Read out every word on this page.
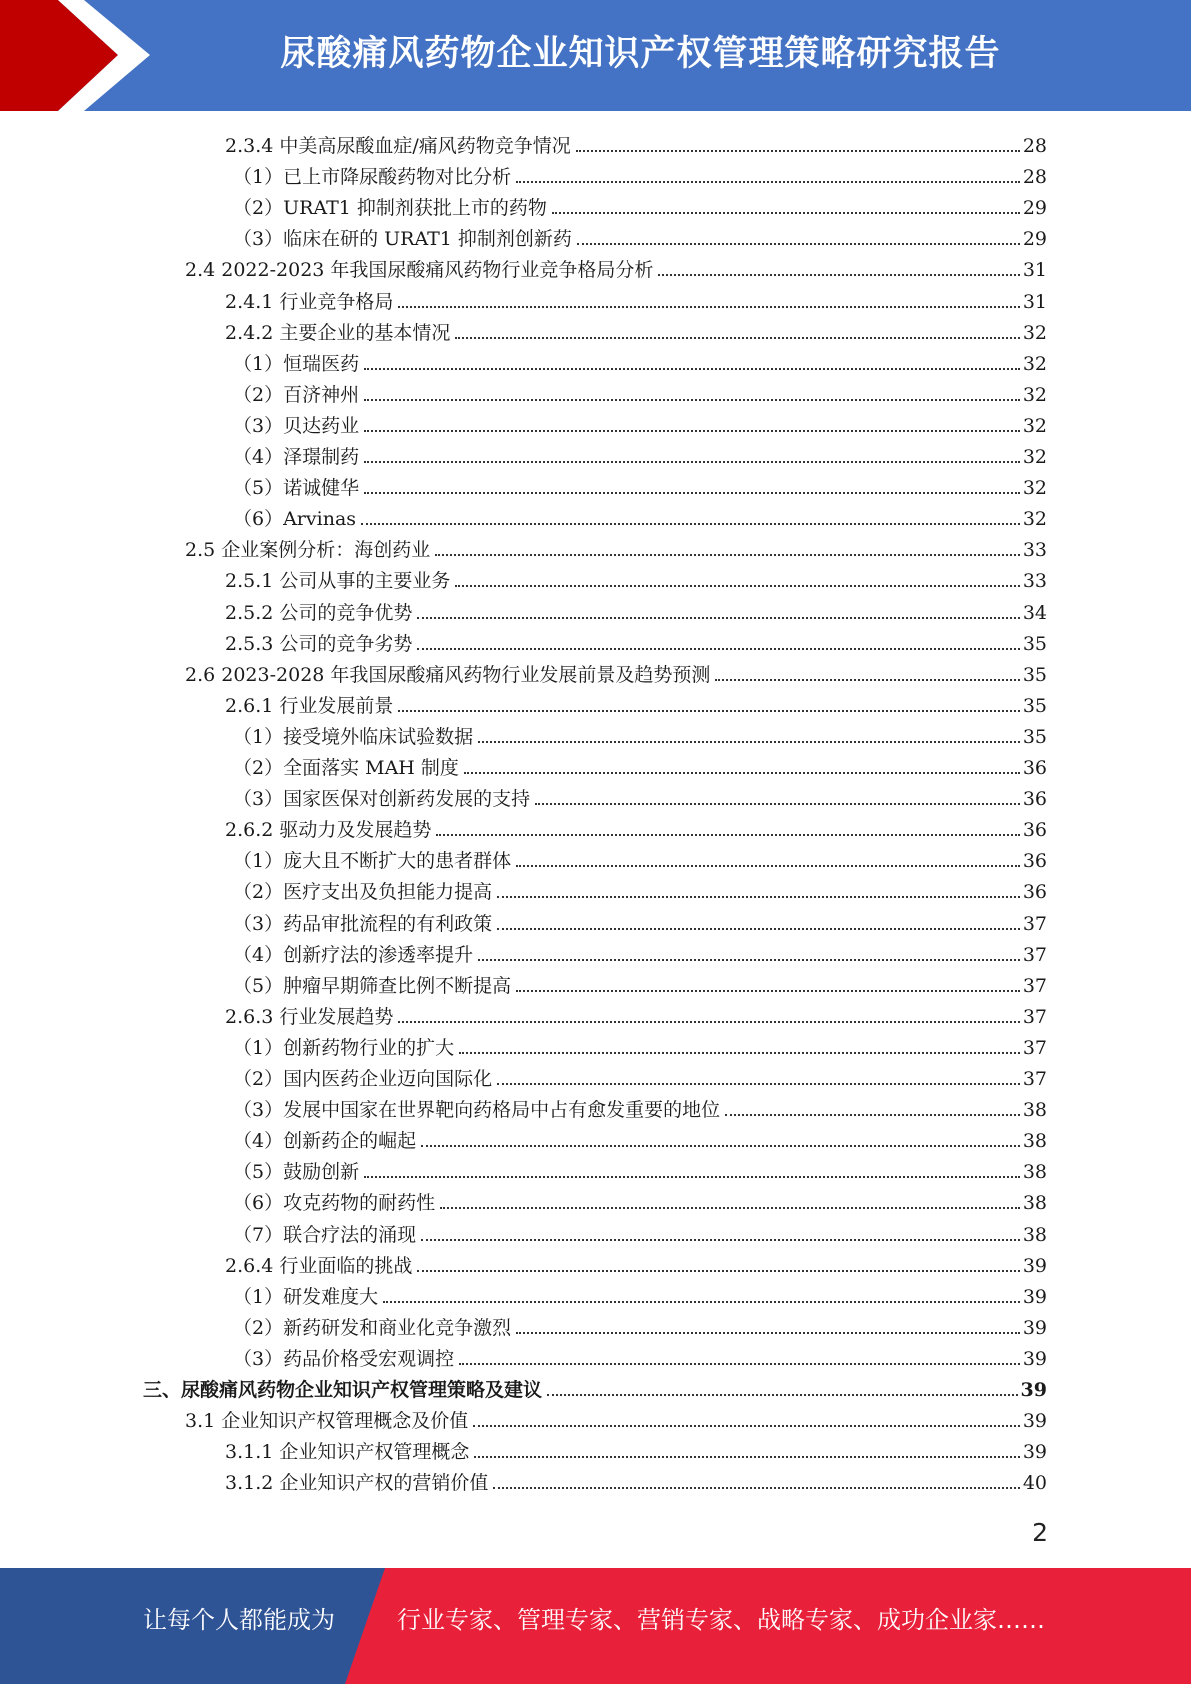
尿酸痛风药物企业知识产权管理策略研究报告
2.3.4 中美高尿酸血症/痛风药物竞争情况	28
（1）已上市降尿酸药物对比分析	28
（2）URAT1 抑制剂获批上市的药物	29
（3）临床在研的 URAT1 抑制剂创新药	29
2.4 2022-2023 年我国尿酸痛风药物行业竞争格局分析	31
2.4.1 行业竞争格局	31
2.4.2 主要企业的基本情况	32
（1）恒瑞医药	32
（2）百济神州	32
（3）贝达药业	32
（4）泽璟制药	32
（5）诺诚健华	32
（6）Arvinas	32
2.5 企业案例分析：海创药业	33
2.5.1 公司从事的主要业务	33
2.5.2 公司的竞争优势	34
2.5.3 公司的竞争劣势	35
2.6 2023-2028 年我国尿酸痛风药物行业发展前景及趋势预测	35
2.6.1 行业发展前景	35
（1）接受境外临床试验数据	35
（2）全面落实 MAH 制度	36
（3）国家医保对创新药发展的支持	36
2.6.2 驱动力及发展趋势	36
（1）庞大且不断扩大的患者群体	36
（2）医疗支出及负担能力提高	36
（3）药品审批流程的有利政策	37
（4）创新疗法的渗透率提升	37
（5）肿瘤早期筛查比例不断提高	37
2.6.3 行业发展趋势	37
（1）创新药物行业的扩大	37
（2）国内医药企业迈向国际化	37
（3）发展中国家在世界靶向药格局中占有愈发重要的地位	38
（4）创新药企的崛起	38
（5）鼓励创新	38
（6）攻克药物的耐药性	38
（7）联合疗法的涌现	38
2.6.4 行业面临的挑战	39
（1）研发难度大	39
（2）新药研发和商业化竞争激烈	39
（3）药品价格受宏观调控	39
三、尿酸痛风药物企业知识产权管理策略及建议	39
3.1 企业知识产权管理概念及价值	39
3.1.1 企业知识产权管理概念	39
3.1.2 企业知识产权的营销价值	40
2
让每个人都能成为	行业专家、管理专家、营销专家、战略专家、成功企业家……
